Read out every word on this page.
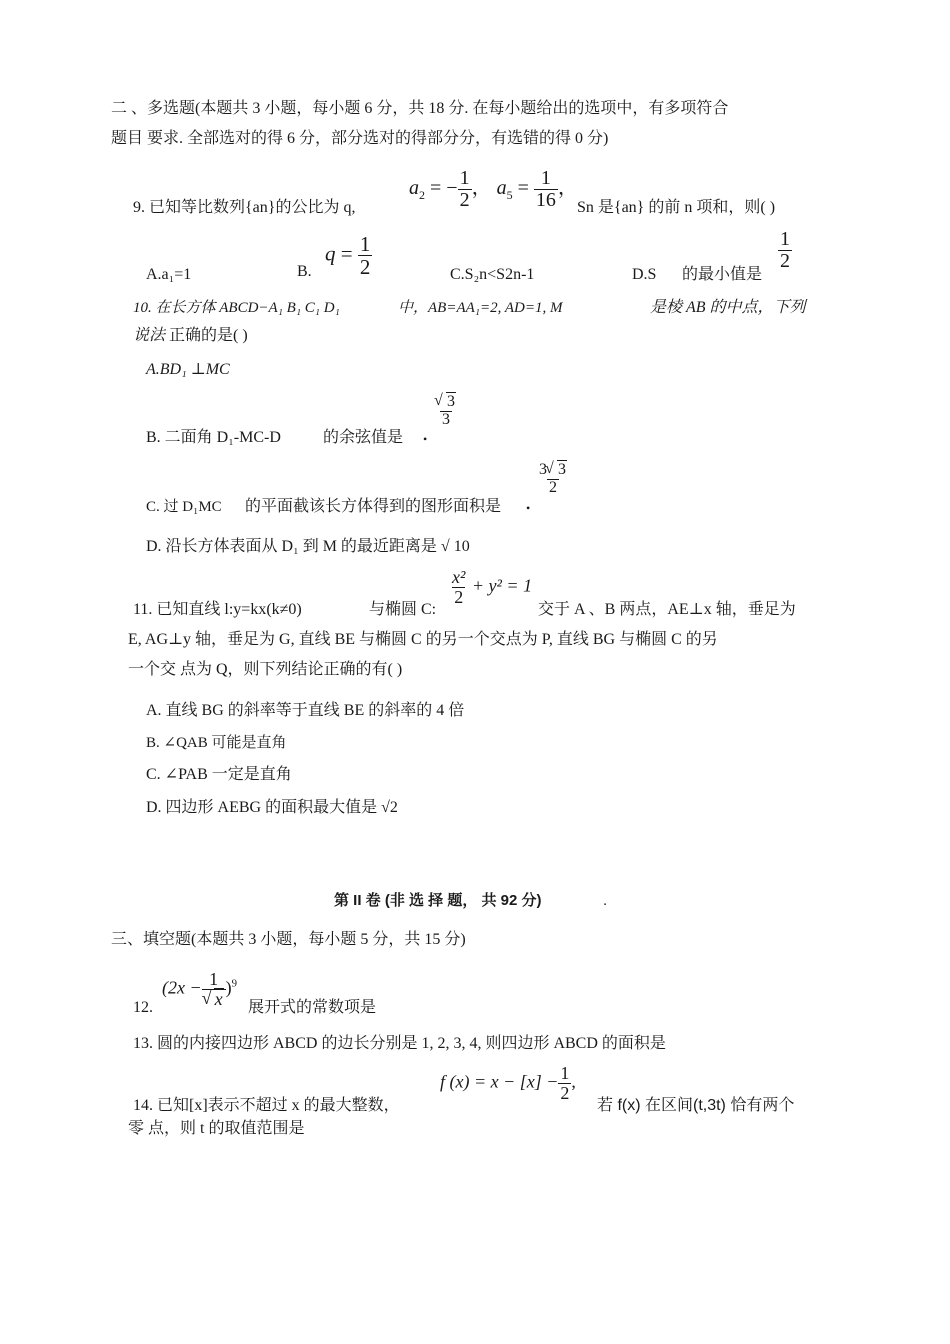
二 、多选题(本题共 3 小题，每小题 6 分，共 18 分. 在每小题给出的选项中，有多项符合
题目 要求. 全部选对的得 6 分，部分选对的得部分分，有选错的得 0 分)
9. 已知等比数列{an}的公比为 q,
$a_2$ = − $\frac{1}{2}$ ， $a_5 = \frac{1}{16}$ ，
Sn 是{an} 的前 n 项和，则( )
A.a₁=1	B.
$q = \frac{1}{2}$	C.S₂n<S2n-1	D.S 的最小值是
$\frac{1}{2}$
10. 在长方体 ABCD−A₁ B₁ C₁ D₁	中，AB=AA₁=2, AD=1, M	是棱 AB 的中点，下列
说法 正确的是( )
A.BD₁ ⊥MC
B. 二面角 D₁-MC-D	的余弦值是 •
√ $\frac{3}{3}$
C. 过 D₁MC 的平面截该长方体得到的图形面积是 •
$\frac{3√ 3}{2}$
D. 沿长方体表面从 D₁ 到 M 的最近距离是 √ 10
11. 已知直线 l:y=kx(k≠0)	与椭圆 C:
$\frac{\text{x²}}{2} + y^2 = 1$
交于 A 、B 两点，AE⊥x 轴，垂足为
E, AG⊥y 轴，垂足为 G, 直线 BE 与椭圆 C 的另一个交点为 P, 直线 BG 与椭圆 C 的另
一个交 点为 Q，则下列结论正确的有( )
A. 直线 BG 的斜率等于直线 BE 的斜率的 4 倍
B. ∠QAB 可能是直角
C. ∠PAB 一定是直角
D. 四边形 AEBG 的面积最大值是 √2
第 II 卷 (非 选 择 题， 共 92 分)	.
三、填空题(本题共 3 小题，每小题 5 分，共 15 分)
12.
(2x − 1
√ x )$^9$
展开式的常数项是
13. 圆的内接四边形 ABCD 的边长分别是 1, 2, 3, 4, 则四边形 ABCD 的面积是
14. 已知[x]表示不超过 x 的最大整数，
f $(x) = x - [x] - \frac{1}{2}$ ,
若 f(x) 在区间(t,3t) 恰有两个
零 点，则 t 的取值范围是
